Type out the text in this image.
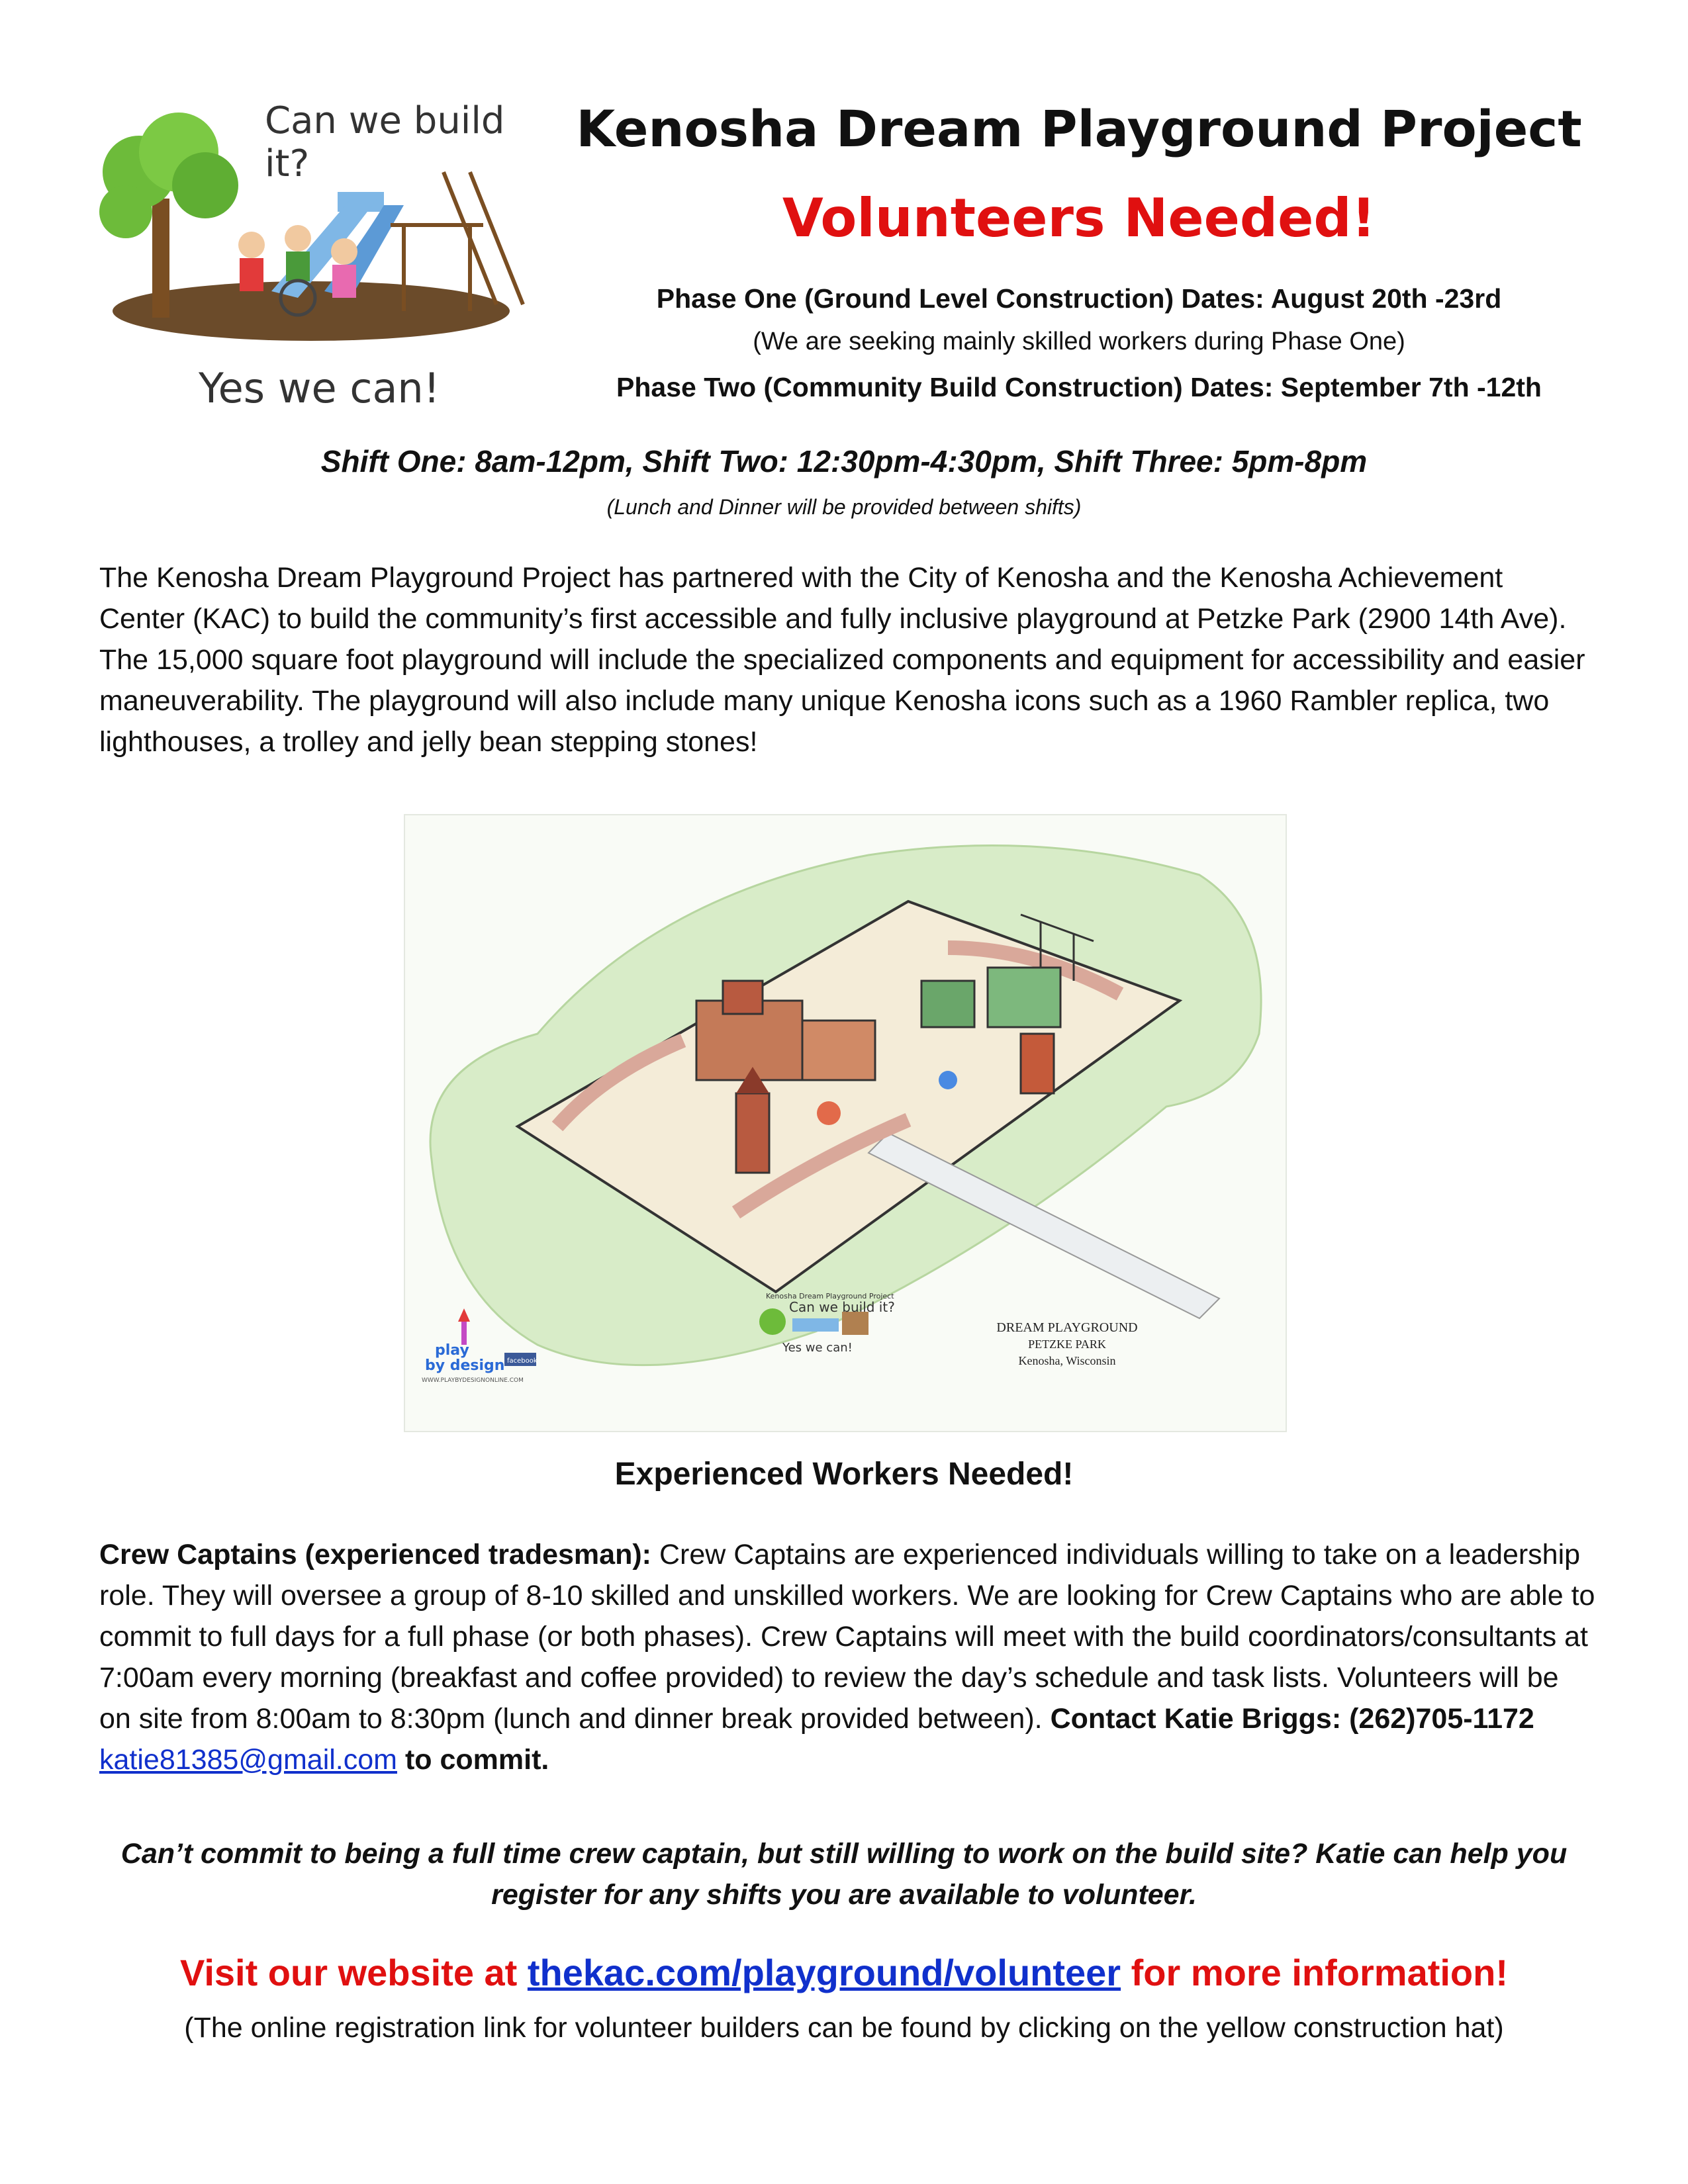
Can we build it?
Yes we can!
Kenosha Dream Playground Project
Volunteers Needed!
Phase One (Ground Level Construction) Dates: August 20th -23rd
(We are seeking mainly skilled workers during Phase One)
Phase Two (Community Build Construction) Dates: September 7th -12th
Shift One: 8am-12pm, Shift Two: 12:30pm-4:30pm, Shift Three: 5pm-8pm
(Lunch and Dinner will be provided between shifts)
The Kenosha Dream Playground Project has partnered with the City of Kenosha and the Kenosha Achievement Center (KAC) to build the community’s first accessible and fully inclusive playground at Petzke Park (2900 14th Ave). The 15,000 square foot playground will include the specialized components and equipment for accessibility and easier maneuverability. The playground will also include many unique Kenosha icons such as a 1960 Rambler replica, two lighthouses, a trolley and jelly bean stepping stones!
Kenosha Dream Playground Project
Can we build it?
Yes we can!
DREAM PLAYGROUND
PETZKE PARK
Kenosha, Wisconsin
play
by design
WWW.PLAYBYDESIGNONLINE.COM
facebook
Experienced Workers Needed!
Crew Captains (experienced tradesman): Crew Captains are experienced individuals willing to take on a leadership role. They will oversee a group of 8-10 skilled and unskilled workers. We are looking for Crew Captains who are able to commit to full days for a full phase (or both phases). Crew Captains will meet with the build coordinators/consultants at 7:00am every morning (breakfast and coffee provided) to review the day’s schedule and task lists. Volunteers will be on site from 8:00am to 8:30pm (lunch and dinner break provided between). Contact Katie Briggs: (262)705-1172 katie81385@gmail.com to commit.
Can’t commit to being a full time crew captain, but still willing to work on the build site? Katie can help you register for any shifts you are available to volunteer.
Visit our website at thekac.com/playground/volunteer for more information!
(The online registration link for volunteer builders can be found by clicking on the yellow construction hat)
